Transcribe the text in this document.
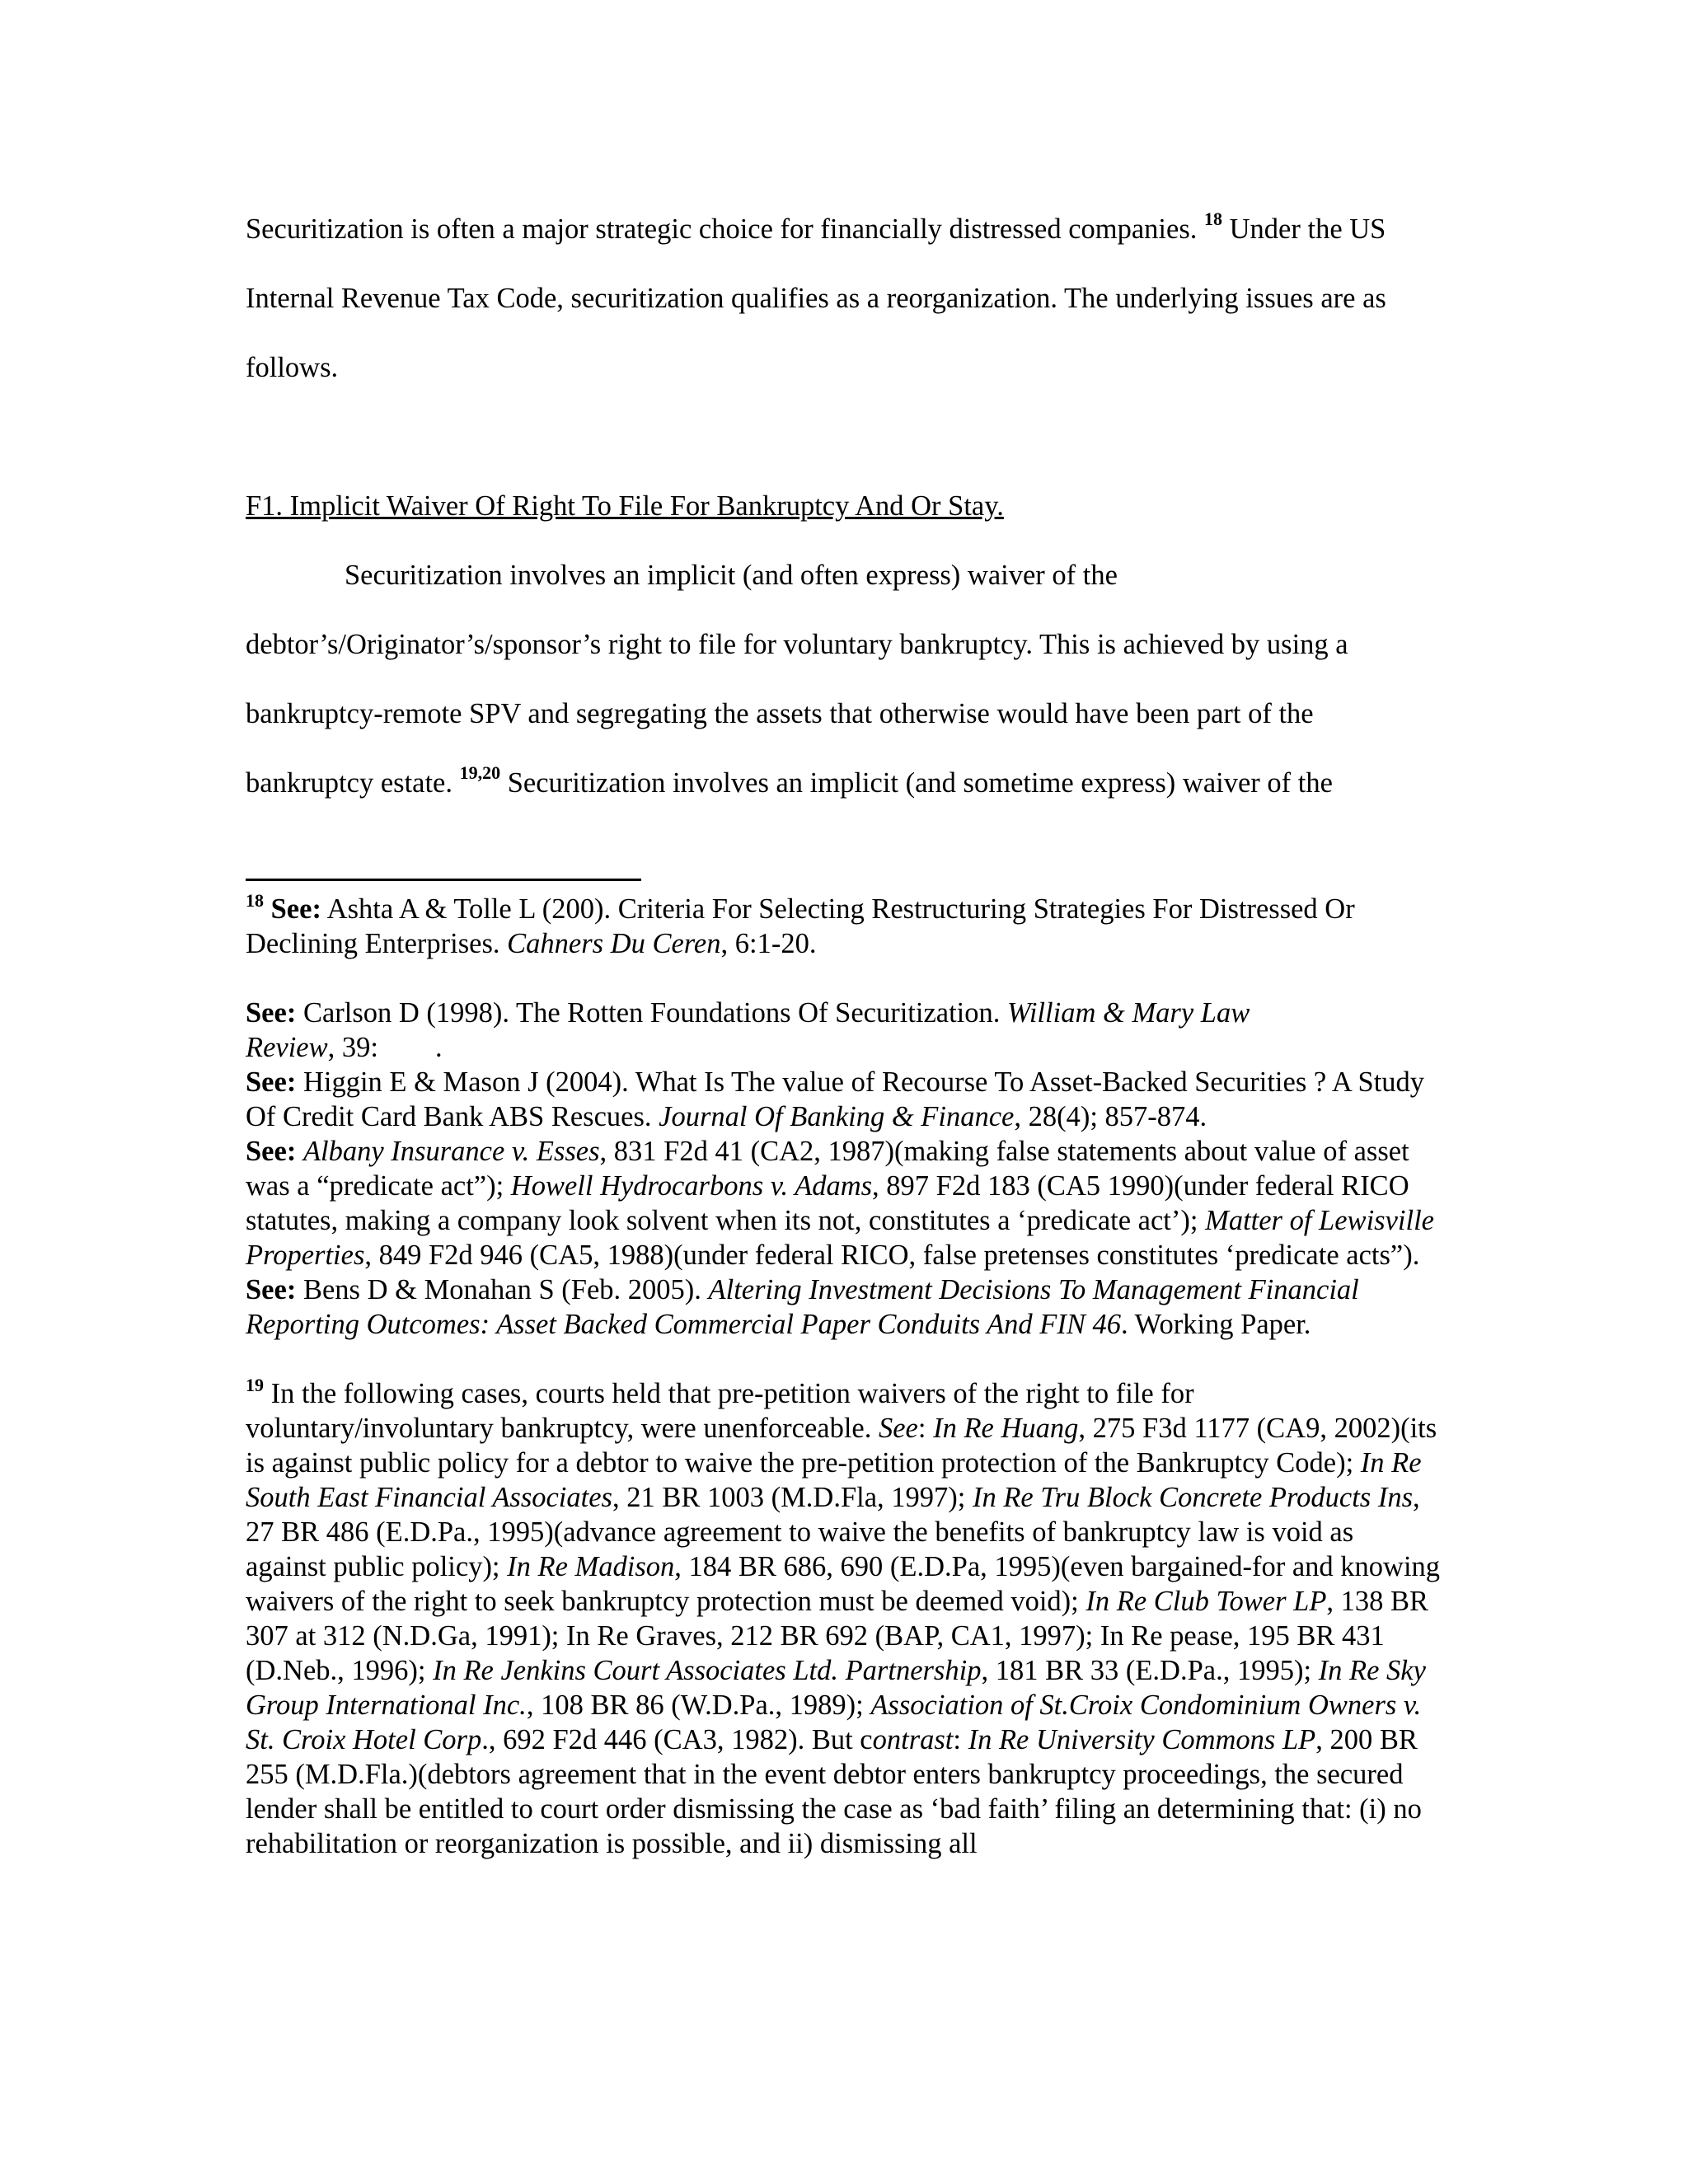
Securitization is often a major strategic choice for financially distressed companies. $^{18}$ Under the US Internal Revenue Tax Code, securitization qualifies as a reorganization. The underlying issues are as follows.

F1. Implicit Waiver Of Right To File For Bankruptcy And Or Stay.

Securitization involves an implicit (and often express) waiver of the debtor’s/Originator’s/sponsor’s right to file for voluntary bankruptcy. This is achieved by using a bankruptcy-remote SPV and segregating the assets that otherwise would have been part of the bankruptcy estate. $^{19,20}$ Securitization involves an implicit (and sometime express) waiver of the

$^{18}$ See: Ashta A & Tolle L (200). Criteria For Selecting Restructuring Strategies For Distressed Or Declining Enterprises. Cahners Du Ceren, 6:1-20.

See: Carlson D (1998). The Rotten Foundations Of Securitization. William & Mary Law Review, 39:        .

See: Higgin E & Mason J (2004). What Is The value of Recourse To Asset-Backed Securities ? A Study Of Credit Card Bank ABS Rescues. Journal Of Banking & Finance, 28(4); 857-874.

See: Albany Insurance v. Esses, 831 F2d 41 (CA2, 1987)(making false statements about value of asset was a “predicate act”); Howell Hydrocarbons v. Adams, 897 F2d 183 (CA5 1990)(under federal RICO statutes, making a company look solvent when its not, constitutes a ‘predicate act’); Matter of Lewisville Properties, 849 F2d 946 (CA5, 1988)(under federal RICO, false pretenses constitutes ‘predicate acts”).

See: Bens D & Monahan S (Feb. 2005). Altering Investment Decisions To Management Financial Reporting Outcomes: Asset Backed Commercial Paper Conduits And FIN 46. Working Paper.

$^{19}$ In the following cases, courts held that pre-petition waivers of the right to file for voluntary/involuntary bankruptcy, were unenforceable. See: In Re Huang, 275 F3d 1177 (CA9, 2002)(its is against public policy for a debtor to waive the pre-petition protection of the Bankruptcy Code); In Re South East Financial Associates, 21 BR 1003 (M.D.Fla, 1997); In Re Tru Block Concrete Products Ins, 27 BR 486 (E.D.Pa., 1995)(advance agreement to waive the benefits of bankruptcy law is void as against public policy); In Re Madison, 184 BR 686, 690 (E.D.Pa, 1995)(even bargained-for and knowing waivers of the right to seek bankruptcy protection must be deemed void); In Re Club Tower LP, 138 BR 307 at 312 (N.D.Ga, 1991); In Re Graves, 212 BR 692 (BAP, CA1, 1997); In Re pease, 195 BR 431 (D.Neb., 1996); In Re Jenkins Court Associates Ltd. Partnership, 181 BR 33 (E.D.Pa., 1995); In Re Sky Group International Inc., 108 BR 86 (W.D.Pa., 1989); Association of St.Croix Condominium Owners v. St. Croix Hotel Corp., 692 F2d 446 (CA3, 1982). But contrast: In Re University Commons LP, 200 BR 255 (M.D.Fla.)(debtors agreement that in the event debtor enters bankruptcy proceedings, the secured lender shall be entitled to court order dismissing the case as ‘bad faith’ filing an determining that: (i) no rehabilitation or reorganization is possible, and ii) dismissing all
